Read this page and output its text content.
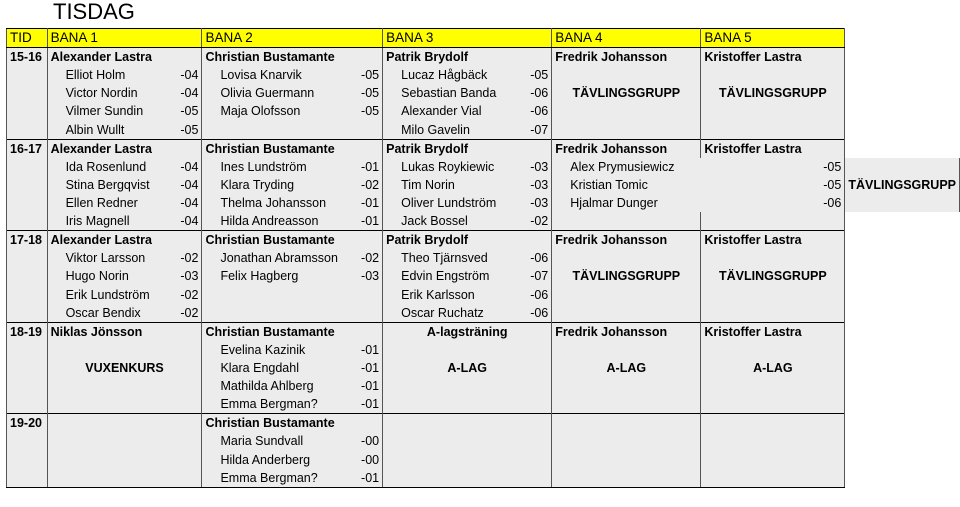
TISDAG
TID	BANA 1		BANA 2		BANA 3		BANA 4	BANA 5	
15-16	Alexander Lastra		Christian Bustamante		Patrik Brydolf		Fredrik Johansson	Kristoffer Lastra	
	Elliot Holm	-04	Lovisa Knarvik	-05	Lucaz Hågbäck	-05			
	Victor Nordin	-04	Olivia Guermann	-05	Sebastian Banda	-06	TÄVLINGSGRUPP	TÄVLINGSGRUPP	
	Vilmer Sundin	-05	Maja Olofsson	-05	Alexander Vial	-06			
	Albin Wullt	-05			Milo Gavelin	-07			
16-17	Alexander Lastra		Christian Bustamante		Patrik Brydolf		Fredrik Johansson	Kristoffer Lastra	
	Ida Rosenlund	-04	Ines Lundström	-01	Lukas Roykiewic	-03	Alex Prymusiewicz	-05	
	Stina Bergqvist	-04	Klara Tryding	-02	Tim Norin	-03	Kristian Tomic	-05	TÄVLINGSGRUPP
	Ellen Redner	-04	Thelma Johansson	-01	Oliver Lundström	-03	Hjalmar Dunger	-06	
	Iris Magnell	-04	Hilda Andreasson	-01	Jack Bossel	-02			
17-18	Alexander Lastra		Christian Bustamante		Patrik Brydolf		Fredrik Johansson	Kristoffer Lastra	
	Viktor Larsson	-02	Jonathan Abramsson	-02	Theo Tjärnsved	-06			
	Hugo Norin	-03	Felix Hagberg	-03	Edvin Engström	-07	TÄVLINGSGRUPP	TÄVLINGSGRUPP	
	Erik Lundström	-02			Erik Karlsson	-06			
	Oscar Bendix	-02			Oscar Ruchatz	-06			
18-19	Niklas Jönsson		Christian Bustamante		A-lagsträning		Fredrik Johansson	Kristoffer Lastra	
			Evelina Kazinik	-01					
	VUXENKURS		Klara Engdahl	-01	A-LAG		A-LAG	A-LAG	
			Mathilda Ahlberg	-01					
			Emma Bergman?	-01					
19-20			Christian Bustamante						
			Maria Sundvall	-00					
			Hilda Anderberg	-00					
			Emma Bergman?	-01					
